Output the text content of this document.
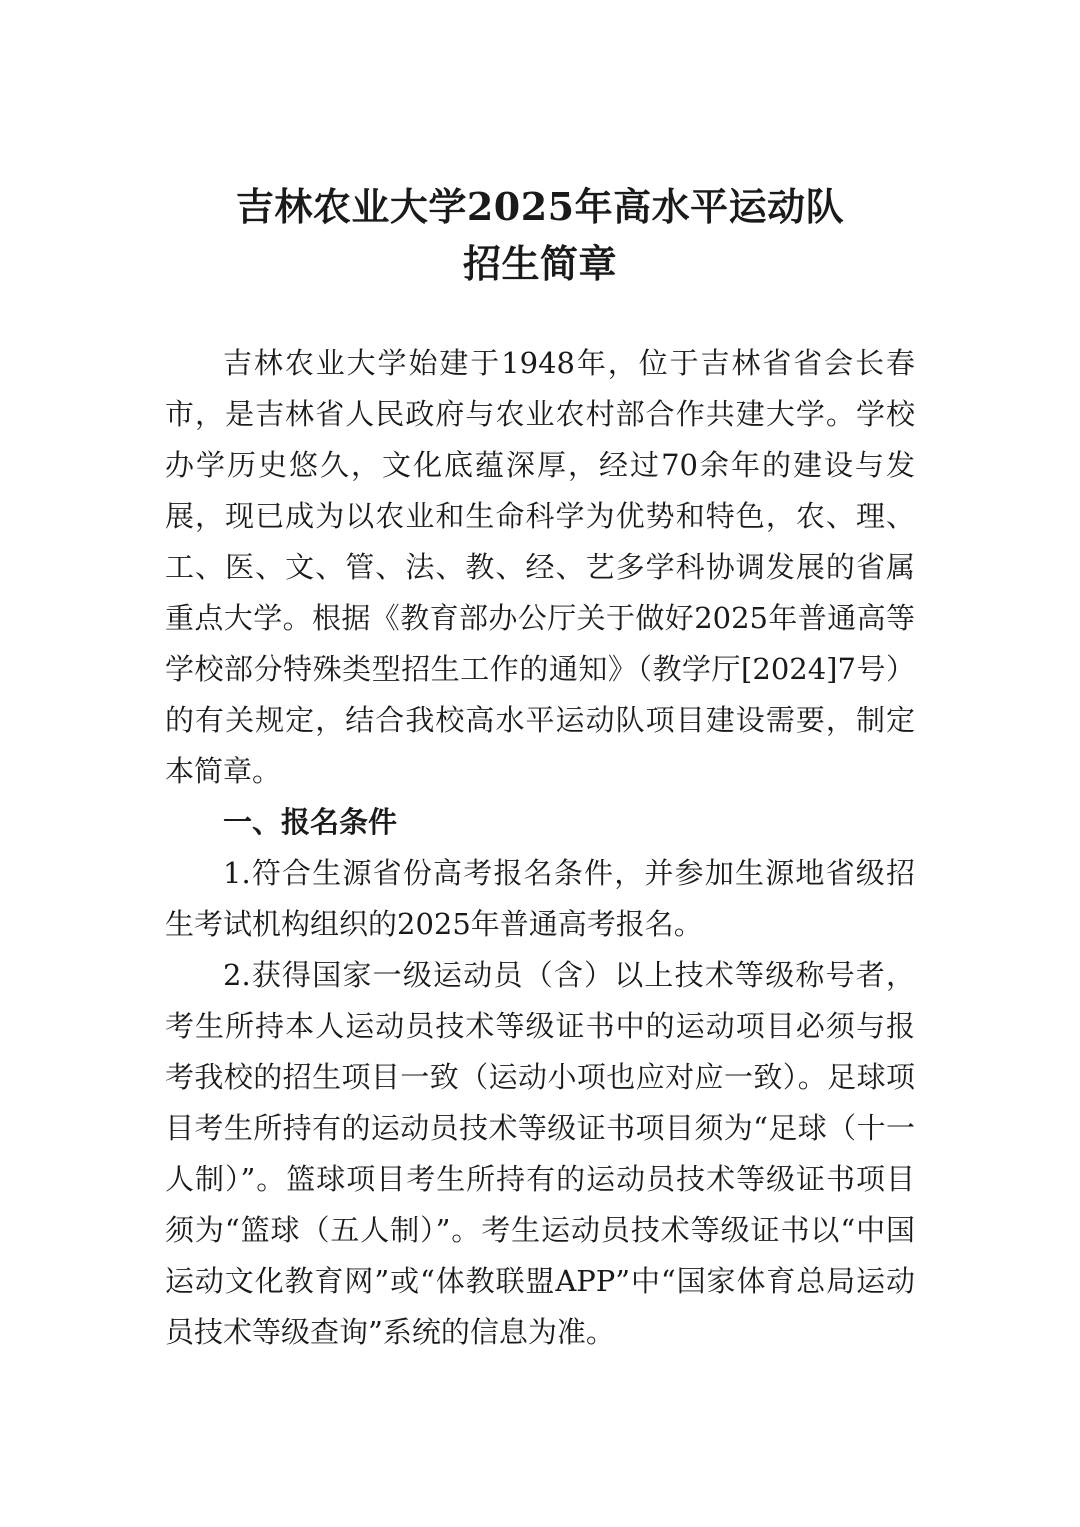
吉林农业大学2025年高水平运动队
招生简章

吉林农业大学始建于1948年，位于吉林省省会长春市，是吉林省人民政府与农业农村部合作共建大学。学校办学历史悠久，文化底蕴深厚，经过70余年的建设与发展，现已成为以农业和生命科学为优势和特色，农、理、工、医、文、管、法、教、经、艺多学科协调发展的省属重点大学。根据《教育部办公厅关于做好2025年普通高等学校部分特殊类型招生工作的通知》（教学厅[2024]7号）的有关规定，结合我校高水平运动队项目建设需要，制定本简章。

一、报名条件

1.符合生源省份高考报名条件，并参加生源地省级招生考试机构组织的2025年普通高考报名。

2.获得国家一级运动员（含）以上技术等级称号者，考生所持本人运动员技术等级证书中的运动项目必须与报考我校的招生项目一致（运动小项也应对应一致）。足球项目考生所持有的运动员技术等级证书项目须为“足球（十一人制）”。篮球项目考生所持有的运动员技术等级证书项目须为“篮球（五人制）”。考生运动员技术等级证书以“中国运动文化教育网”或“体教联盟APP”中“国家体育总局运动员技术等级查询”系统的信息为准。
